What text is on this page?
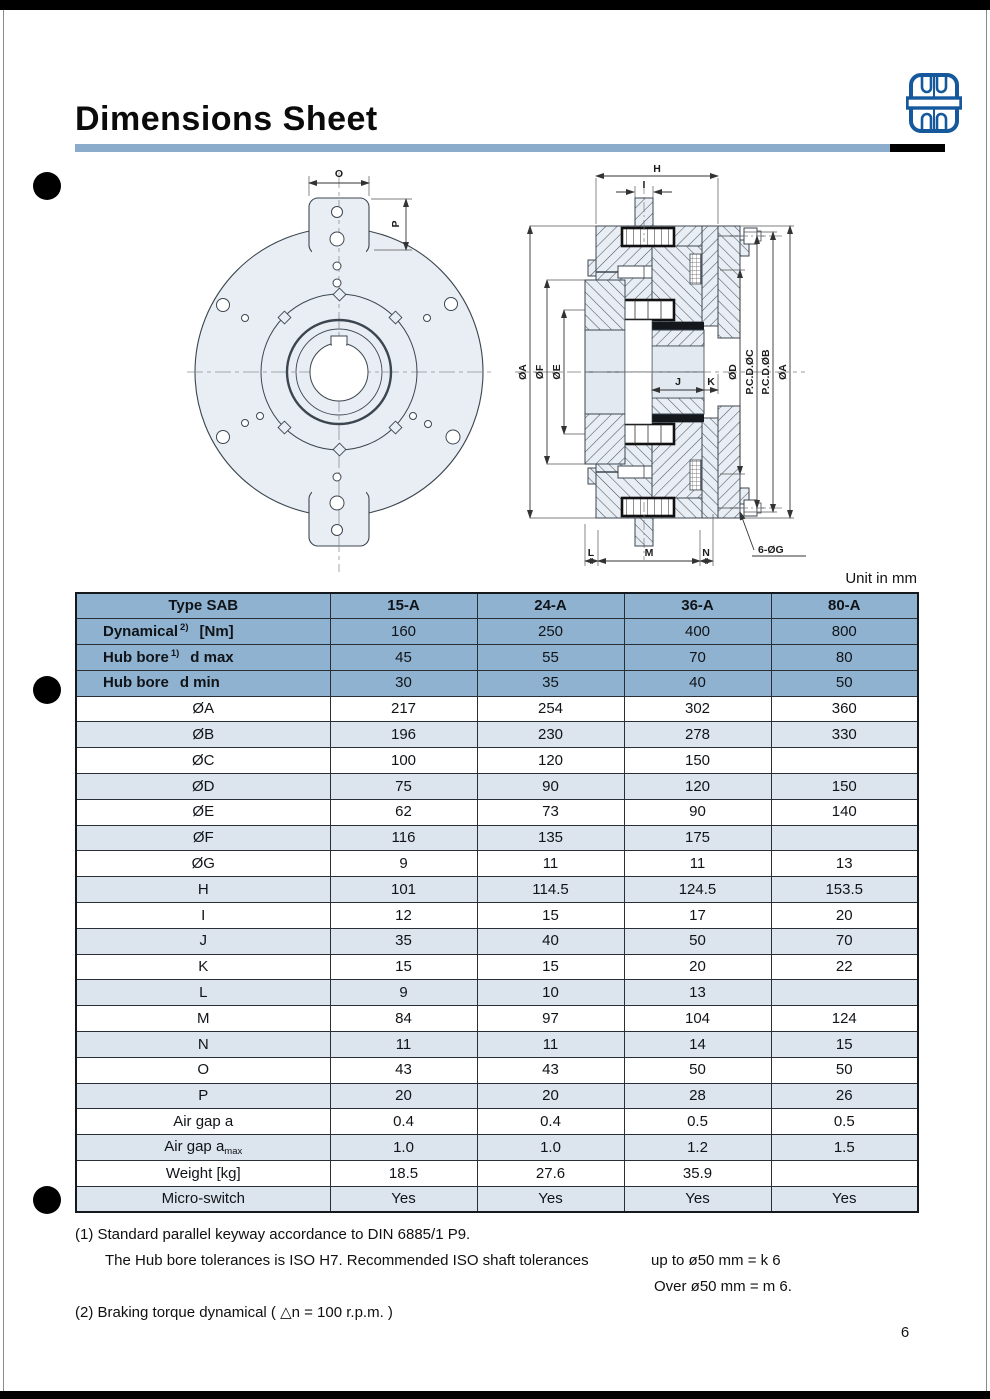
Dimensions Sheet
O
P
H
I
ØA ØF ØE	ØD P.C.D.ØC P.C.D.ØB ØA
J	K
L	M	N	6-ØG
Unit in mm
Type SAB	15-A	24-A	36-A	80-A
Dynamical $^{2)}$ [Nm]	160	250	400	800
Hub bore $^{1)}$ d max	45	55	70	80
Hub bore d min	30	35	40	50
ØA	217	254	302	360
ØB	196	230	278	330
ØC	100	120	150	
ØD	75	90	120	150
ØE	62	73	90	140
ØF	116	135	175	
ØG	9	11	11	13
H	101	114.5	124.5	153.5
I	12	15	17	20
J	35	40	50	70
K	15	15	20	22
L	9	10	13	
M	84	97	104	124
N	11	11	14	15
O	43	43	50	50
P	20	20	28	26
Air gap a	0.4	0.4	0.5	0.5
Air gap $a_{max}$	1.0	1.0	1.2	1.5
Weight [kg]	18.5	27.6	35.9	
Micro-switch	Yes	Yes	Yes	Yes
(1) Standard parallel keyway accordance to DIN 6885/1 P9.
The Hub bore tolerances is ISO H7. Recommended ISO shaft tolerances	up to ø50 mm = k 6
Over ø50 mm = m 6.
(2) Braking torque dynamical ( △n = 100 r.p.m. )
6
